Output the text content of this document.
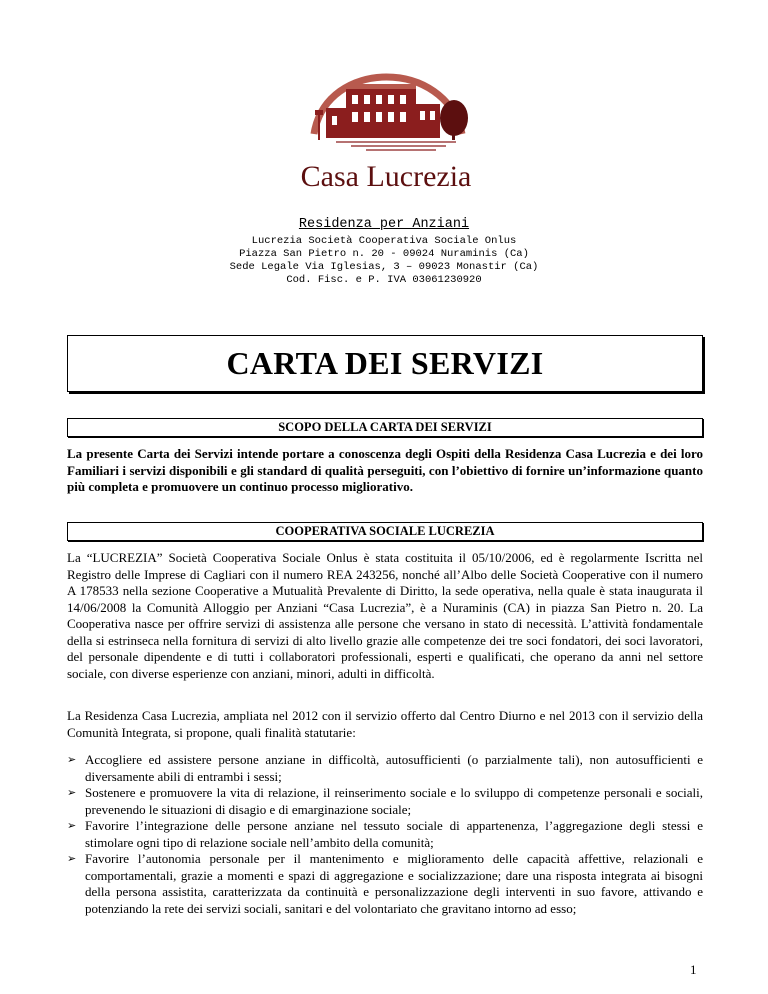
Casa Lucrezia
Residenza per Anziani
Lucrezia Società Cooperativa Sociale Onlus
Piazza San Pietro n. 20 - 09024 Nuraminis (Ca)
Sede Legale Via Iglesias, 3 – 09023 Monastir (Ca)
Cod. Fisc. e P. IVA 03061230920
CARTA DEI SERVIZI
SCOPO DELLA CARTA DEI SERVIZI

La presente Carta dei Servizi intende portare a conoscenza degli Ospiti della Residenza Casa Lucrezia e dei loro Familiari i servizi disponibili e gli standard di qualità perseguiti, con l’obiettivo di fornire un’informazione quanto più completa e promuovere un continuo processo migliorativo.

COOPERATIVA SOCIALE LUCREZIA

La “LUCREZIA” Società Cooperativa Sociale Onlus è stata costituita il 05/10/2006, ed è regolarmente Iscritta nel Registro delle Imprese di Cagliari con il numero REA 243256, nonché all’Albo delle Società Cooperative con il numero A 178533 nella sezione Cooperative a Mutualità Prevalente di Diritto, la sede operativa, nella quale è stata inaugurata il 14/06/2008 la Comunità Alloggio per Anziani “Casa Lucrezia”, è a Nuraminis (CA) in piazza San Pietro n. 20. La Cooperativa nasce per offrire servizi di assistenza alle persone che versano in stato di necessità. L’attività fondamentale della si estrinseca nella fornitura di servizi di alto livello grazie alle competenze dei tre soci fondatori, dei soci lavoratori, del personale dipendente e di tutti i collaboratori professionali, esperti e qualificati, che operano da anni nel settore sociale, con diverse esperienze con anziani, minori, adulti in difficoltà.

La Residenza Casa Lucrezia, ampliata nel 2012 con il servizio offerto dal Centro Diurno e nel 2013 con il servizio della Comunità Integrata, si propone, quali finalità statutarie:

➢ Accogliere ed assistere persone anziane in difficoltà, autosufficienti (o parzialmente tali), non autosufficienti e diversamente abili di entrambi i sessi;
➢ Sostenere e promuovere la vita di relazione, il reinserimento sociale e lo sviluppo di competenze personali e sociali, prevenendo le situazioni di disagio e di emarginazione sociale;
➢ Favorire l’integrazione delle persone anziane nel tessuto sociale di appartenenza, l’aggregazione degli stessi e stimolare ogni tipo di relazione sociale nell’ambito della comunità;
➢ Favorire l’autonomia personale per il mantenimento e miglioramento delle capacità affettive, relazionali e comportamentali, grazie a momenti e spazi di aggregazione e socializzazione; dare una risposta integrata ai bisogni della persona assistita, caratterizzata da continuità e personalizzazione degli interventi in suo favore, attivando e potenziando la rete dei servizi sociali, sanitari e del volontariato che gravitano intorno ad esso;
1
